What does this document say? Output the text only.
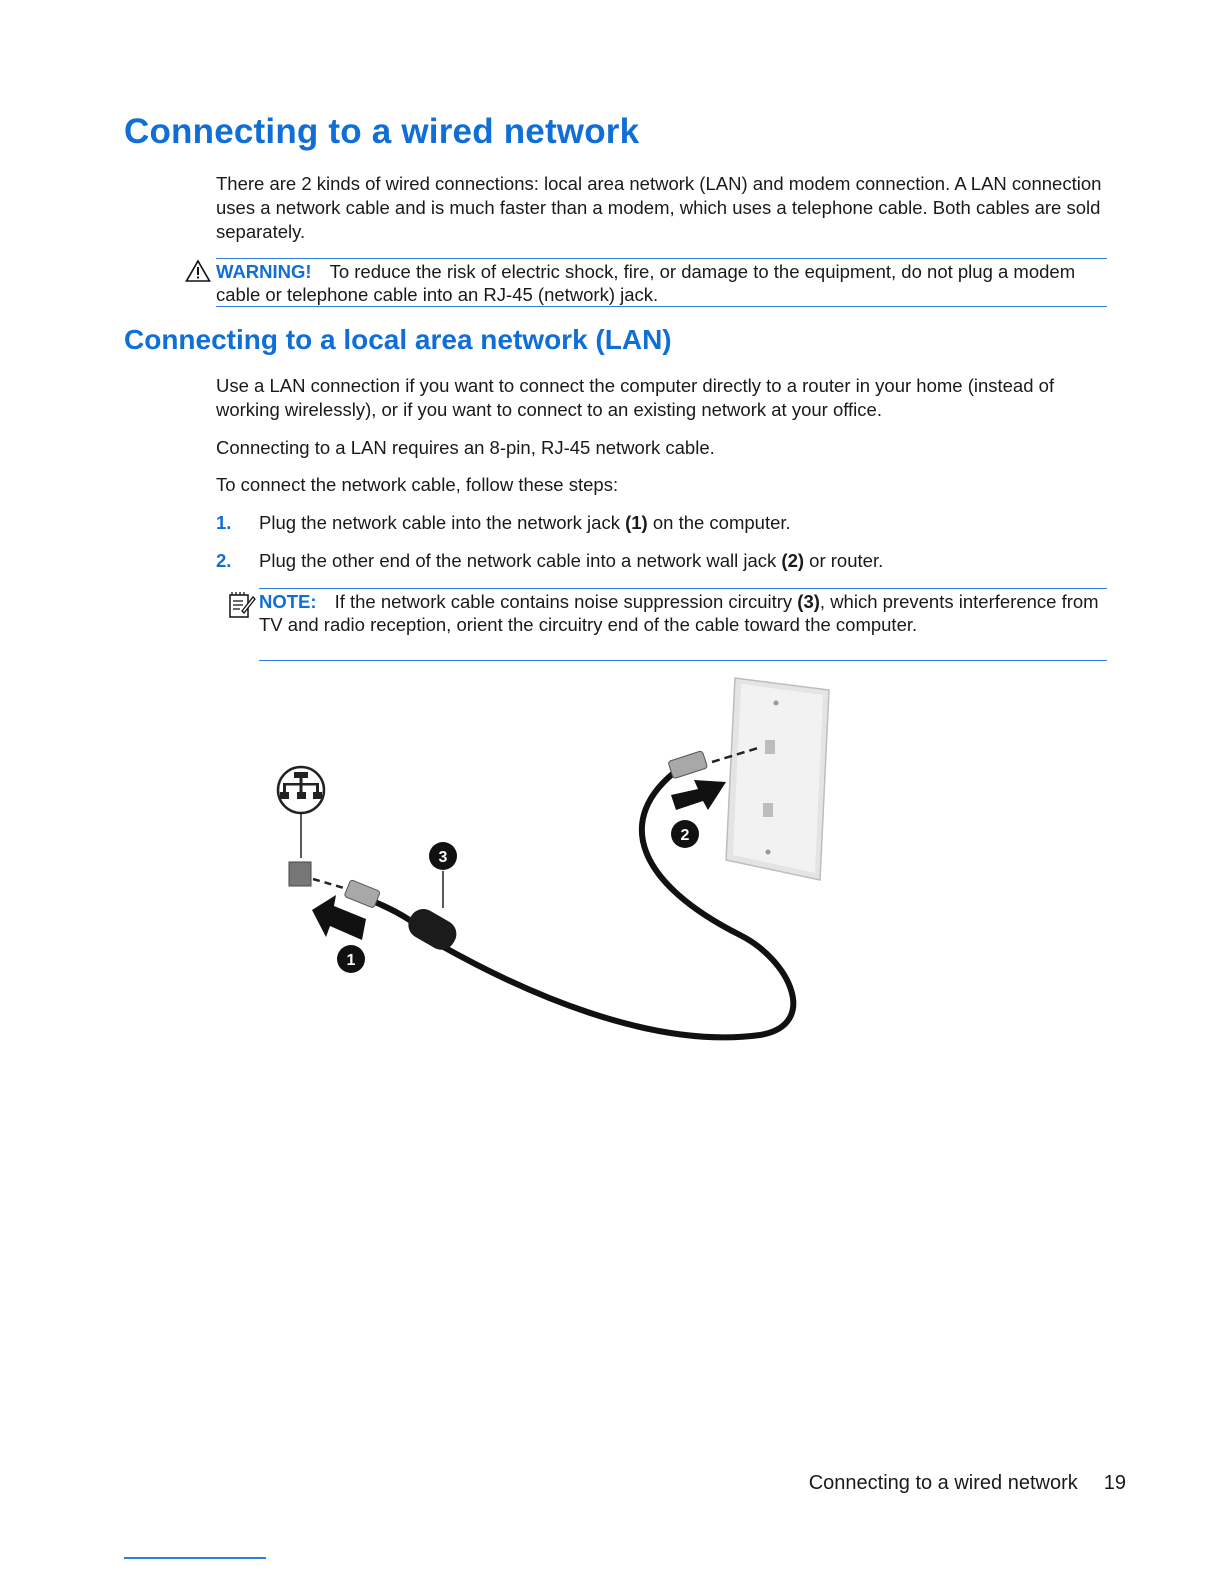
Connecting to a wired network

There are 2 kinds of wired connections: local area network (LAN) and modem connection. A LAN connection uses a network cable and is much faster than a modem, which uses a telephone cable. Both cables are sold separately.

WARNING! To reduce the risk of electric shock, fire, or damage to the equipment, do not plug a modem cable or telephone cable into an RJ-45 (network) jack.
Connecting to a local area network (LAN)

Use a LAN connection if you want to connect the computer directly to a router in your home (instead of working wirelessly), or if you want to connect to an existing network at your office.

Connecting to a LAN requires an 8-pin, RJ-45 network cable.

To connect the network cable, follow these steps:

1. Plug the network cable into the network jack (1) on the computer.
2. Plug the other end of the network cable into a network wall jack (2) or router.
NOTE: If the network cable contains noise suppression circuitry (3), which prevents interference from TV and radio reception, orient the circuitry end of the cable toward the computer.
1
2
3
Connecting to a wired network 19
